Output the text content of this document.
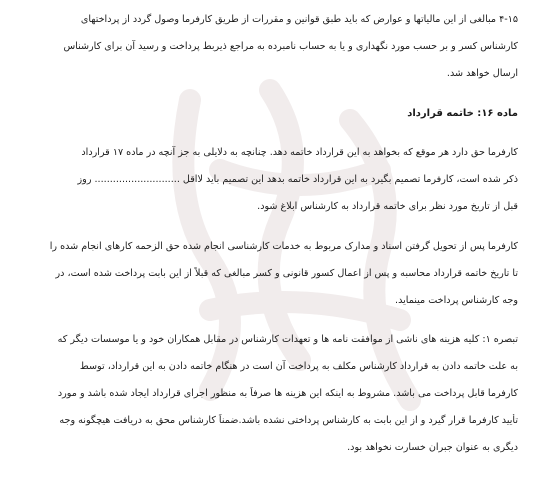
۴-۱۵ مبالغی از این مالیاتها و عوارض که باید طبق قوانین و مقررات از طریق کارفرما وصول گردد از پرداختهای
کارشناس کسر و بر حسب مورد نگهداری و یا به حساب نامبرده به مراجع ذیربط پرداخت و رسید آن برای کارشناس
ارسال خواهد شد.
ماده ۱۶: خاتمه قرارداد
کارفرما حق دارد هر موقع که بخواهد به این قرارداد خاتمه دهد. چنانچه به دلایلی به جز آنچه در ماده ۱۷ قرارداد
ذکر شده است، کارفرما تصمیم بگیرد به این قرارداد خاتمه بدهد این تصمیم باید لااقل ............................ روز
قبل از تاریخ مورد نظر برای خاتمه قرارداد به کارشناس ابلاغ شود.
کارفرما پس از تحویل گرفتن اسناد و مدارک مربوط به خدمات کارشناسی انجام شده حق الزحمه کارهای انجام شده را
تا تاریخ خاتمه قرارداد محاسبه و پس از اعمال کسور قانونی و کسر مبالغی که قبلاً از این بابت پرداخت شده است، در
وجه کارشناس پرداخت مینماید.
تبصره ۱: کلیه هزینه های ناشی از موافقت نامه ها و تعهدات کارشناس در مقابل همکاران خود و یا موسسات دیگر که
به علت خاتمه دادن به قرارداد کارشناس مکلف به پرداخت آن است در هنگام خاتمه دادن به این قرارداد، توسط
کارفرما قابل پرداخت می باشد. مشروط به اینکه این هزینه ها صرفاً به منظور اجرای قرارداد ایجاد شده باشد و مورد
تأیید کارفرما قرار گیرد و از این بابت به کارشناس پرداختی نشده باشد.ضمناً کارشناس محق به دریافت هیچگونه وجه
دیگری به عنوان جبران خسارت نخواهد بود.
